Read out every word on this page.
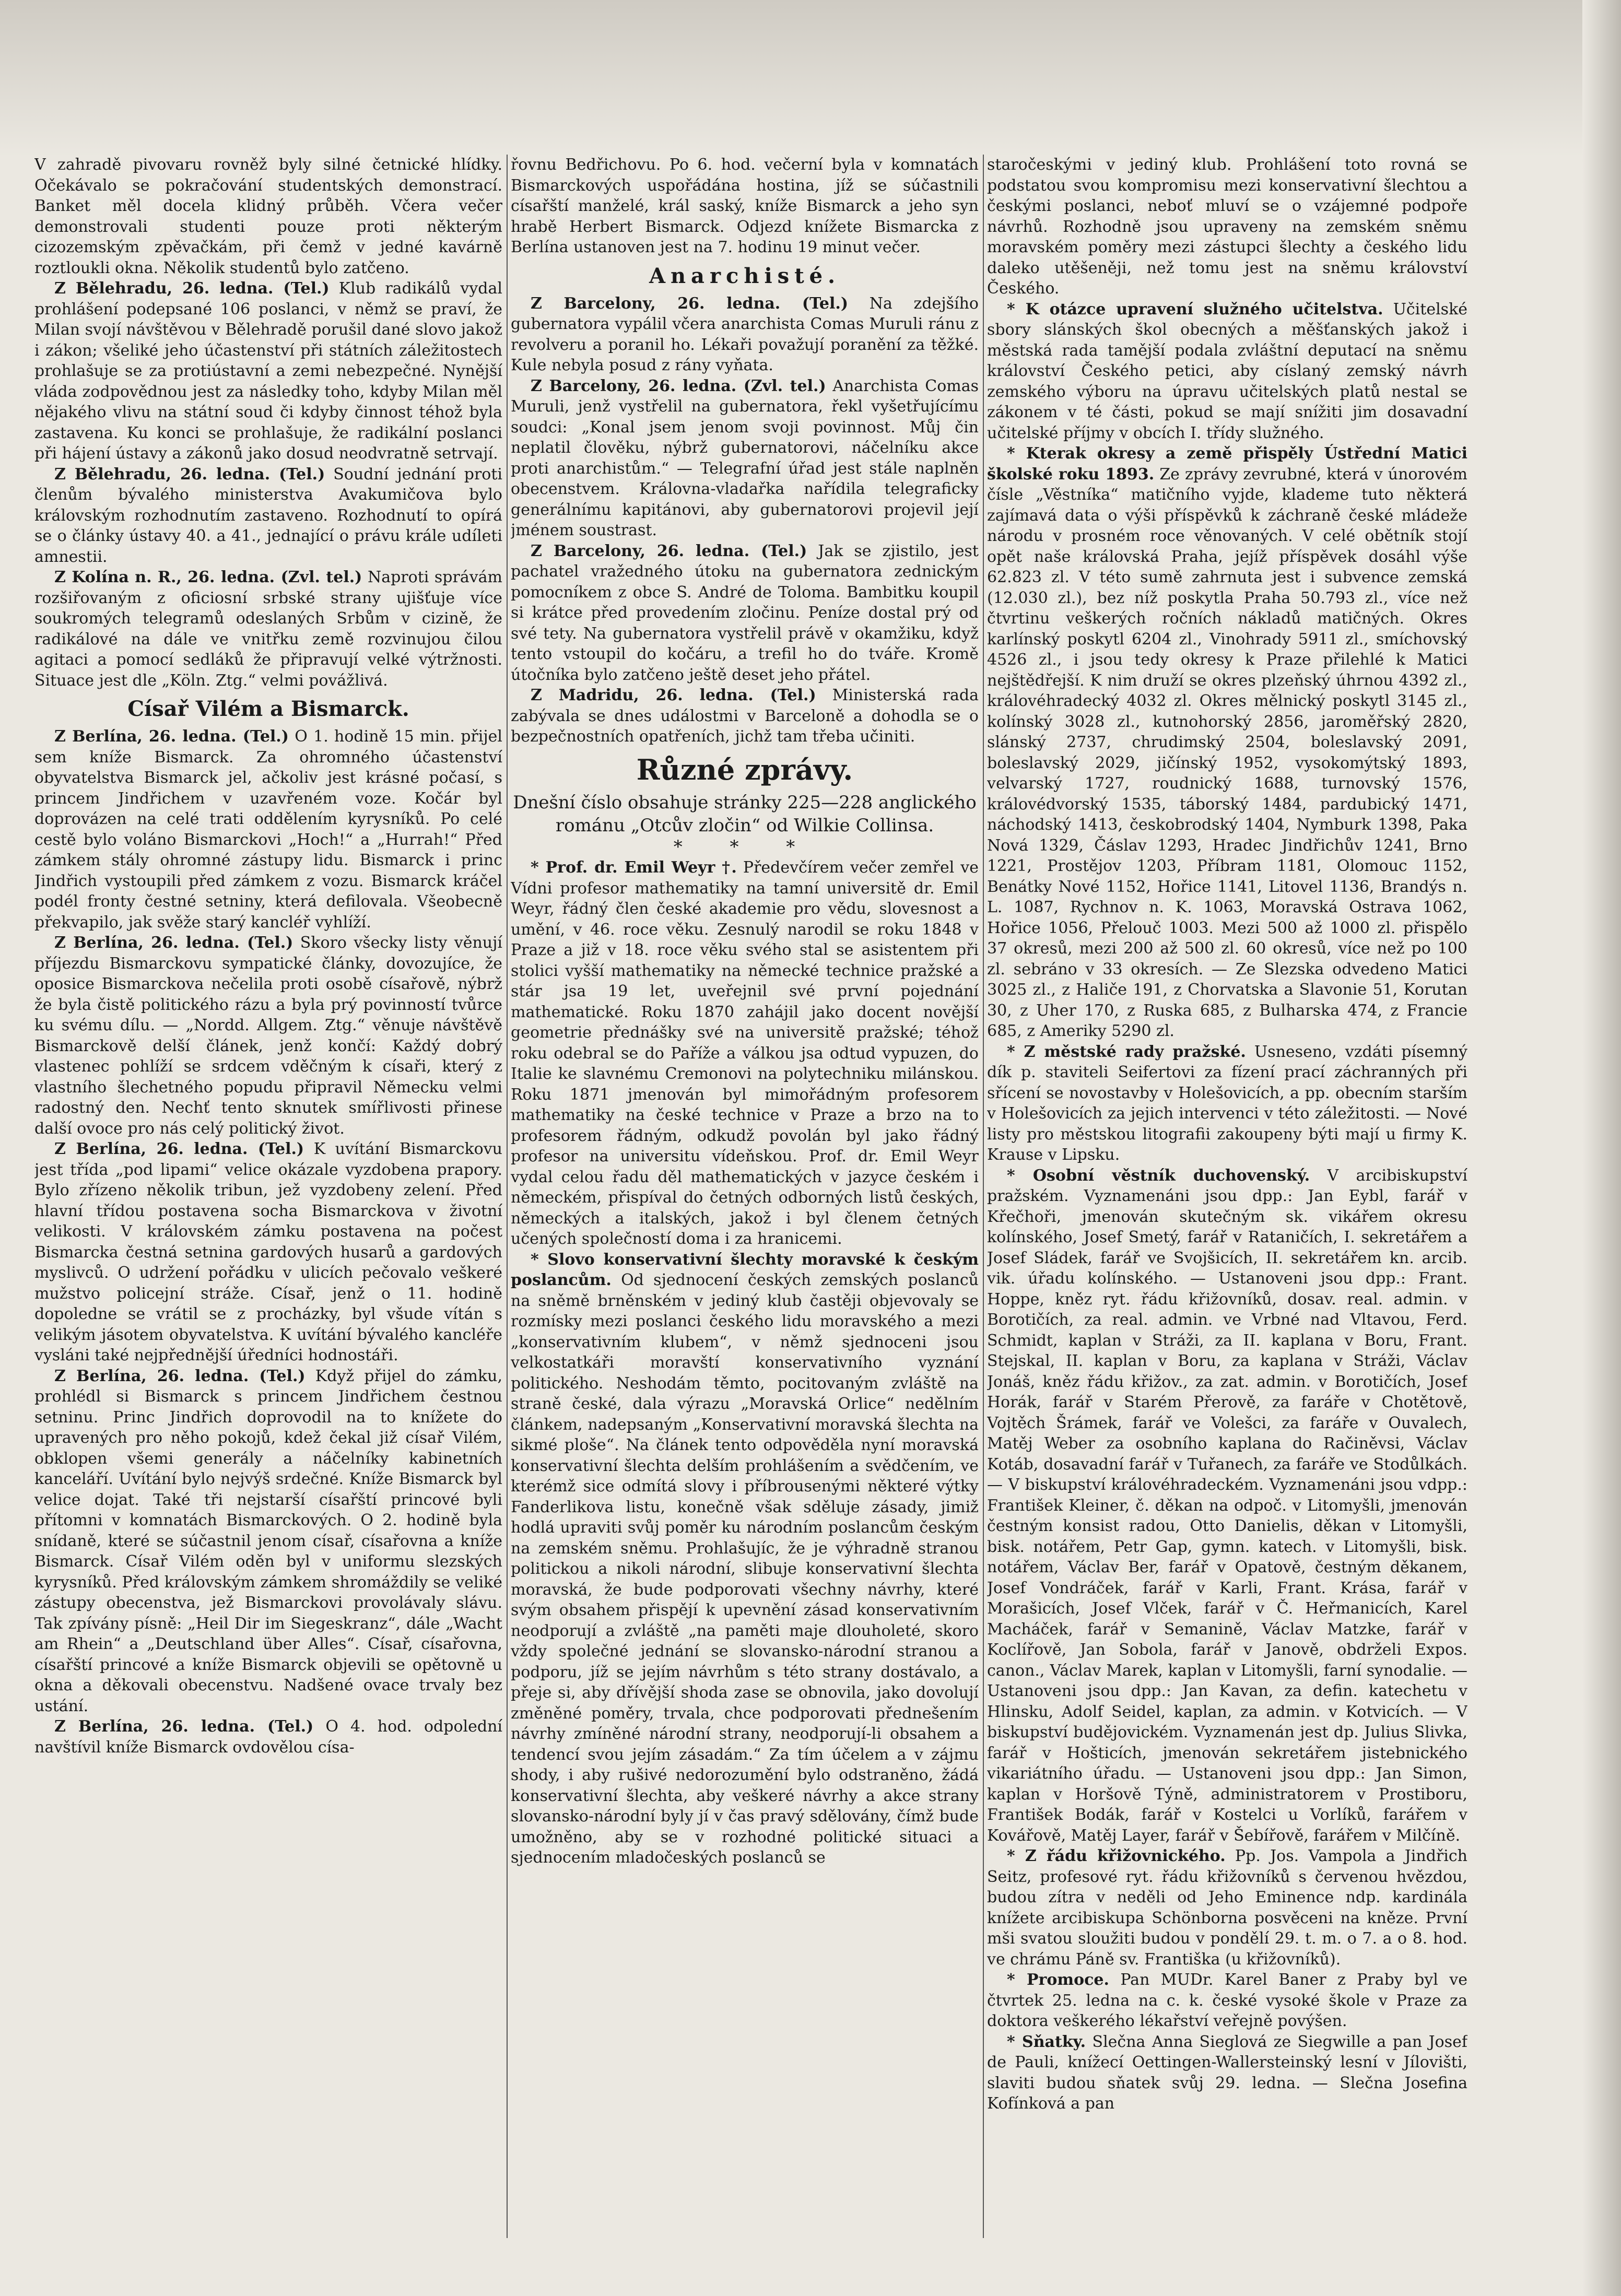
V zahradě pivovaru rovněž byly silné četnické hlídky. Očekávalo se pokračování studentských demonstrací. Banket měl docela klidný průběh. Včera večer demonstrovali studenti pouze proti některým cizozemským zpěvačkám, při čemž v jedné kavárně roztloukli okna. Několik studentů bylo zatčeno.

Z Bělehradu, 26. ledna. (Tel.) Klub radikálů vydal prohlášení podepsané 106 poslanci, v němž se praví, že Milan svojí návštěvou v Bělehradě porušil dané slovo jakož i zákon; všeliké jeho účastenství při státních záležitostech prohlašuje se za protiústavní a zemi nebezpečné. Nynější vláda zodpovědnou jest za následky toho, kdyby Milan měl nějakého vlivu na státní soud či kdyby činnost téhož byla zastavena. Ku konci se prohlašuje, že radikální poslanci při hájení ústavy a zákonů jako dosud neodvratně setrvají.

Z Bělehradu, 26. ledna. (Tel.) Soudní jednání proti členům bývalého ministerstva Avakumičova bylo královským rozhodnutím zastaveno. Rozhodnutí to opírá se o články ústavy 40. a 41., jednající o právu krále udíleti amnestii.

Z Kolína n. R., 26. ledna. (Zvl. tel.) Naproti správám rozšiřovaným z oficiosní srbské strany ujišťuje více soukromých telegramů odeslaných Srbům v cizině, že radikálové na dále ve vnitřku země rozvinujou čilou agitaci a pomocí sedláků že připravují velké výtržnosti. Situace jest dle „Köln. Ztg.“ velmi povážlivá.

Císař Vilém a Bismarck.

Z Berlína, 26. ledna. (Tel.) O 1. hodině 15 min. přijel sem kníže Bismarck. Za ohromného účastenství obyvatelstva Bismarck jel, ačkoliv jest krásné počasí, s princem Jindřichem v uzavřeném voze. Kočár byl doprovázen na celé trati oddělením kyrysníků. Po celé cestě bylo voláno Bismarckovi „Hoch!“ a „Hurrah!“ Před zámkem stály ohromné zástupy lidu. Bismarck i princ Jindřich vystoupili před zámkem z vozu. Bismarck kráčel podél fronty čestné setniny, která defilovala. Všeobecně překvapilo, jak svěže starý kancléř vyhlíží.

Z Berlína, 26. ledna. (Tel.) Skoro všecky listy věnují příjezdu Bismarckovu sympatické články, dovozujíce, že oposice Bismarckova nečelila proti osobě císařově, nýbrž že byla čistě politického rázu a byla prý povinností tvůrce ku svému dílu. — „Nordd. Allgem. Ztg.“ věnuje návštěvě Bismarckově delší článek, jenž končí: Každý dobrý vlastenec pohlíží se srdcem vděčným k císaři, který z vlastního šlechetného popudu připravil Německu velmi radostný den. Nechť tento sknutek smířlivosti přinese další ovoce pro nás celý politický život.

Z Berlína, 26. ledna. (Tel.) K uvítání Bismarckovu jest třída „pod lipami“ velice okázale vyzdobena prapory. Bylo zřízeno několik tribun, jež vyzdobeny zelení. Před hlavní třídou postavena socha Bismarckova v životní velikosti. V královském zámku postavena na počest Bismarcka čestná setnina gardových husarů a gardových myslivců. O udržení pořádku v ulicích pečovalo veškeré mužstvo policejní stráže. Císař, jenž o 11. hodině dopoledne se vrátil se z procházky, byl všude vítán s velikým jásotem obyvatelstva. K uvítání bývalého kancléře vysláni také nejpřednější úředníci hodnostáři.

Z Berlína, 26. ledna. (Tel.) Když přijel do zámku, prohlédl si Bismarck s princem Jindřichem čestnou setninu. Princ Jindřich doprovodil na to knížete do upravených pro něho pokojů, kdež čekal již císař Vilém, obklopen všemi generály a náčelníky kabinetních kanceláří. Uvítání bylo nejvýš srdečné. Kníže Bismarck byl velice dojat. Také tři nejstarší císařští princové byli přítomni v komnatách Bismarckových. O 2. hodině byla snídaně, které se súčastnil jenom císař, císařovna a kníže Bismarck. Císař Vilém oděn byl v uniformu slezských kyrysníků. Před královským zámkem shromáždily se veliké zástupy obecenstva, jež Bismarckovi provolávaly slávu. Tak zpívány písně: „Heil Dir im Siegeskranz“, dále „Wacht am Rhein“ a „Deutschland über Alles“. Císař, císařovna, císařští princové a kníže Bismarck objevili se opětovně u okna a děkovali obecenstvu. Nadšené ovace trvaly bez ustání.

Z Berlína, 26. ledna. (Tel.) O 4. hod. odpolední navštívil kníže Bismarck ovdovělou císa-

řovnu Bedřichovu. Po 6. hod. večerní byla v komnatách Bismarckových uspořádána hostina, jíž se súčastnili císařští manželé, král saský, kníže Bismarck a jeho syn hrabě Herbert Bismarck. Odjezd knížete Bismarcka z Berlína ustanoven jest na 7. hodinu 19 minut večer.

Anarchisté.

Z Barcelony, 26. ledna. (Tel.) Na zdejšího gubernatora vypálil včera anarchista Comas Muruli ránu z revolveru a poranil ho. Lékaři považují poranění za těžké. Kule nebyla posud z rány vyňata.

Z Barcelony, 26. ledna. (Zvl. tel.) Anarchista Comas Muruli, jenž vystřelil na gubernatora, řekl vyšetřujícímu soudci: „Konal jsem jenom svoji povinnost. Můj čin neplatil člověku, nýbrž gubernatorovi, náčelníku akce proti anarchistům.“ — Telegrafní úřad jest stále naplněn obecenstvem. Královna-vladařka nařídila telegraficky generálnímu kapitánovi, aby gubernatorovi projevil její jménem soustrast.

Z Barcelony, 26. ledna. (Tel.) Jak se zjistilo, jest pachatel vražedného útoku na gubernatora zednickým pomocníkem z obce S. André de Toloma. Bambitku koupil si krátce před provedením zločinu. Peníze dostal prý od své tety. Na gubernatora vystřelil právě v okamžiku, když tento vstoupil do kočáru, a trefil ho do tváře. Kromě útočníka bylo zatčeno ještě deset jeho přátel.

Z Madridu, 26. ledna. (Tel.) Ministerská rada zabývala se dnes událostmi v Barceloně a dohodla se o bezpečnostních opatřeních, jichž tam třeba učiniti.

Různé zprávy.
Dnešní číslo obsahuje stránky 225—228 anglického románu „Otcův zločin“ od Wilkie Collinsa.
* * *

* Prof. dr. Emil Weyr †. Předevčírem večer zemřel ve Vídni profesor mathematiky na tamní universitě dr. Emil Weyr, řádný člen české akademie pro vědu, slovesnost a umění, v 46. roce věku. Zesnulý narodil se roku 1848 v Praze a již v 18. roce věku svého stal se asistentem při stolici vyšší mathematiky na německé technice pražské a stár jsa 19 let, uveřejnil své první pojednání mathematické. Roku 1870 zahájil jako docent novější geometrie přednášky své na universitě pražské; téhož roku odebral se do Paříže a válkou jsa odtud vypuzen, do Italie ke slavnému Cremonovi na polytechniku milánskou. Roku 1871 jmenován byl mimořádným profesorem mathematiky na české technice v Praze a brzo na to profesorem řádným, odkudž povolán byl jako řádný profesor na universitu vídeňskou. Prof. dr. Emil Weyr vydal celou řadu děl mathematických v jazyce českém i německém, přispíval do četných odborných listů českých, německých a italských, jakož i byl členem četných učených společností doma i za hranicemi.

* Slovo konservativní šlechty moravské k českým poslancům. Od sjednocení českých zemských poslanců na sněmě brněnském v jediný klub častěji objevovaly se rozmísky mezi poslanci českého lidu moravského a mezi „konservativním klubem“, v němž sjednoceni jsou velkostatkáři moravští konservativního vyznání politického. Neshodám těmto, pocitovaným zvláště na straně české, dala výrazu „Moravská Orlice“ nedělním článkem, nadepsaným „Konservativní moravská šlechta na sikmé ploše“. Na článek tento odpověděla nyní moravská konservativní šlechta delším prohlášením a svědčením, ve kterémž sice odmítá slovy i příbrousenými některé výtky Fanderlikova listu, konečně však sděluje zásady, jimiž hodlá upraviti svůj poměr ku národním poslancům českým na zemském sněmu. Prohlašujíc, že je výhradně stranou politickou a nikoli národní, slibuje konservativní šlechta moravská, že bude podporovati všechny návrhy, které svým obsahem přispějí k upevnění zásad konservativním neodporují a zvláště „na paměti maje dlouholeté, skoro vždy společné jednání se slovansko-národní stranou a podporu, jíž se jejím návrhům s této strany dostávalo, a přeje si, aby dřívější shoda zase se obnovila, jako dovolují změněné poměry, trvala, chce podporovati přednešením návrhy zmíněné národní strany, neodporují-li obsahem a tendencí svou jejím zásadám.“ Za tím účelem a v zájmu shody, i aby rušivé nedorozumění bylo odstraněno, žádá konservativní šlechta, aby veškeré návrhy a akce strany slovansko-národní byly jí v čas pravý sdělovány, čímž bude umožněno, aby se v rozhodné politické situaci a sjednocením mladočeských poslanců se

staročeskými v jediný klub. Prohlášení toto rovná se podstatou svou kompromisu mezi konservativní šlechtou a českými poslanci, neboť mluví se o vzájemné podpoře návrhů. Rozhodně jsou upraveny na zemském sněmu moravském poměry mezi zástupci šlechty a českého lidu daleko utěšeněji, než tomu jest na sněmu království Českého.

* K otázce upravení služného učitelstva. Učitelské sbory slánských škol obecných a měšťanských jakož i městská rada tamější podala zvláštní deputací na sněmu království Českého petici, aby císlaný zemský návrh zemského výboru na úpravu učitelských platů nestal se zákonem v té části, pokud se mají snížiti jim dosavadní učitelské příjmy v obcích I. třídy služného.

* Kterak okresy a země přispěly Ústřední Matici školské roku 1893. Ze zprávy zevrubné, která v únorovém čísle „Věstníka“ matičního vyjde, klademe tuto některá zajímavá data o výši příspěvků k záchraně české mládeže národu v prosném roce věnovaných. V celé obětník stojí opět naše královská Praha, jejíž příspěvek dosáhl výše 62.823 zl. V této sumě zahrnuta jest i subvence zemská (12.030 zl.), bez níž poskytla Praha 50.793 zl., více než čtvrtinu veškerých ročních nákladů matičných. Okres karlínský poskytl 6204 zl., Vinohrady 5911 zl., smíchovský 4526 zl., i jsou tedy okresy k Praze přilehlé k Matici nejštědřejší. K nim druží se okres plzeňský úhrnou 4392 zl., královéhradecký 4032 zl. Okres mělnický poskytl 3145 zl., kolínský 3028 zl., kutnohorský 2856, jaroměřský 2820, slánský 2737, chrudimský 2504, boleslavský 2091, boleslavský 2029, jičínský 1952, vysokomýtský 1893, velvarský 1727, roudnický 1688, turnovský 1576, královédvorský 1535, táborský 1484, pardubický 1471, náchodský 1413, českobrodský 1404, Nymburk 1398, Paka Nová 1329, Čáslav 1293, Hradec Jindřichův 1241, Brno 1221, Prostějov 1203, Příbram 1181, Olomouc 1152, Benátky Nové 1152, Hořice 1141, Litovel 1136, Brandýs n. L. 1087, Rychnov n. K. 1063, Moravská Ostrava 1062, Hořice 1056, Přelouč 1003. Mezi 500 až 1000 zl. přispělo 37 okresů, mezi 200 až 500 zl. 60 okresů, více než po 100 zl. sebráno v 33 okresích. — Ze Slezska odvedeno Matici 3025 zl., z Haliče 191, z Chorvatska a Slavonie 51, Korutan 30, z Uher 170, z Ruska 685, z Bulharska 474, z Francie 685, z Ameriky 5290 zl.

* Z městské rady pražské. Usneseno, vzdáti písemný dík p. staviteli Seifertovi za fízení prací záchranných při sřícení se novostavby v Holešovicích, a pp. obecním starším v Holešovicích za jejich intervenci v této záležitosti. — Nové listy pro městskou litografii zakoupeny býti mají u firmy K. Krause v Lipsku.

* Osobní věstník duchovenský. V arcibiskupství pražském. Vyznamenáni jsou dpp.: Jan Eybl, farář v Křečhoři, jmenován skutečným sk. vikářem okresu kolínského, Josef Smetý, farář v Rataničích, I. sekretářem a Josef Sládek, farář ve Svojšicích, II. sekretářem kn. arcib. vik. úřadu kolínského. — Ustanoveni jsou dpp.: Frant. Hoppe, kněz ryt. řádu křižovníků, dosav. real. admin. v Borotičích, za real. admin. ve Vrbné nad Vltavou, Ferd. Schmidt, kaplan v Stráži, za II. kaplana v Boru, Frant. Stejskal, II. kaplan v Boru, za kaplana v Stráži, Václav Jonáš, kněz řádu křižov., za zat. admin. v Borotičích, Josef Horák, farář v Starém Přerově, za faráře v Chotětově, Vojtěch Šrámek, farář ve Volešci, za faráře v Ouvalech, Matěj Weber za osobního kaplana do Račiněvsi, Václav Kotáb, dosavadní farář v Tuřanech, za faráře ve Stodůlkách. — V biskupství královéhradeckém. Vyznamenáni jsou vdpp.: František Kleiner, č. děkan na odpoč. v Litomyšli, jmenován čestným konsist radou, Otto Danielis, děkan v Litomyšli, bisk. notářem, Petr Gap, gymn. katech. v Litomyšli, bisk. notářem, Václav Ber, farář v Opatově, čestným děkanem, Josef Vondráček, farář v Karli, Frant. Krása, farář v Morašicích, Josef Vlček, farář v Č. Heřmanicích, Karel Macháček, farář v Semanině, Václav Matzke, farář v Koclířově, Jan Sobola, farář v Janově, obdrželi Expos. canon., Václav Marek, kaplan v Litomyšli, farní synodalie. — Ustanoveni jsou dpp.: Jan Kavan, za defin. katechetu v Hlinsku, Adolf Seidel, kaplan, za admin. v Kotvicích. — V biskupství budějovickém. Vyznamenán jest dp. Julius Slivka, farář v Hošticích, jmenován sekretářem jistebnického vikariátního úřadu. — Ustanoveni jsou dpp.: Jan Simon, kaplan v Horšově Týně, administratorem v Prostiboru, František Bodák, farář v Kostelci u Vorlíků, farářem v Kovářově, Matěj Layer, farář v Šebířově, farářem v Milčíně.

* Z řádu křižovnického. Pp. Jos. Vampola a Jindřich Seitz, profesové ryt. řádu křižovníků s červenou hvězdou, budou zítra v neděli od Jeho Eminence ndp. kardinála knížete arcibiskupa Schönborna posvěceni na kněze. První mši svatou sloužiti budou v pondělí 29. t. m. o 7. a o 8. hod. ve chrámu Páně sv. Františka (u křižovníků).

* Promoce. Pan MUDr. Karel Baner z Praby byl ve čtvrtek 25. ledna na c. k. české vysoké škole v Praze za doktora veškerého lékařství veřejně povýšen.

* Sňatky. Slečna Anna Sieglová ze Siegwille a pan Josef de Pauli, knížecí Oettingen-Wallersteinský lesní v Jílovišti, slaviti budou sňatek svůj 29. ledna. — Slečna Josefina Kofínková a pan
